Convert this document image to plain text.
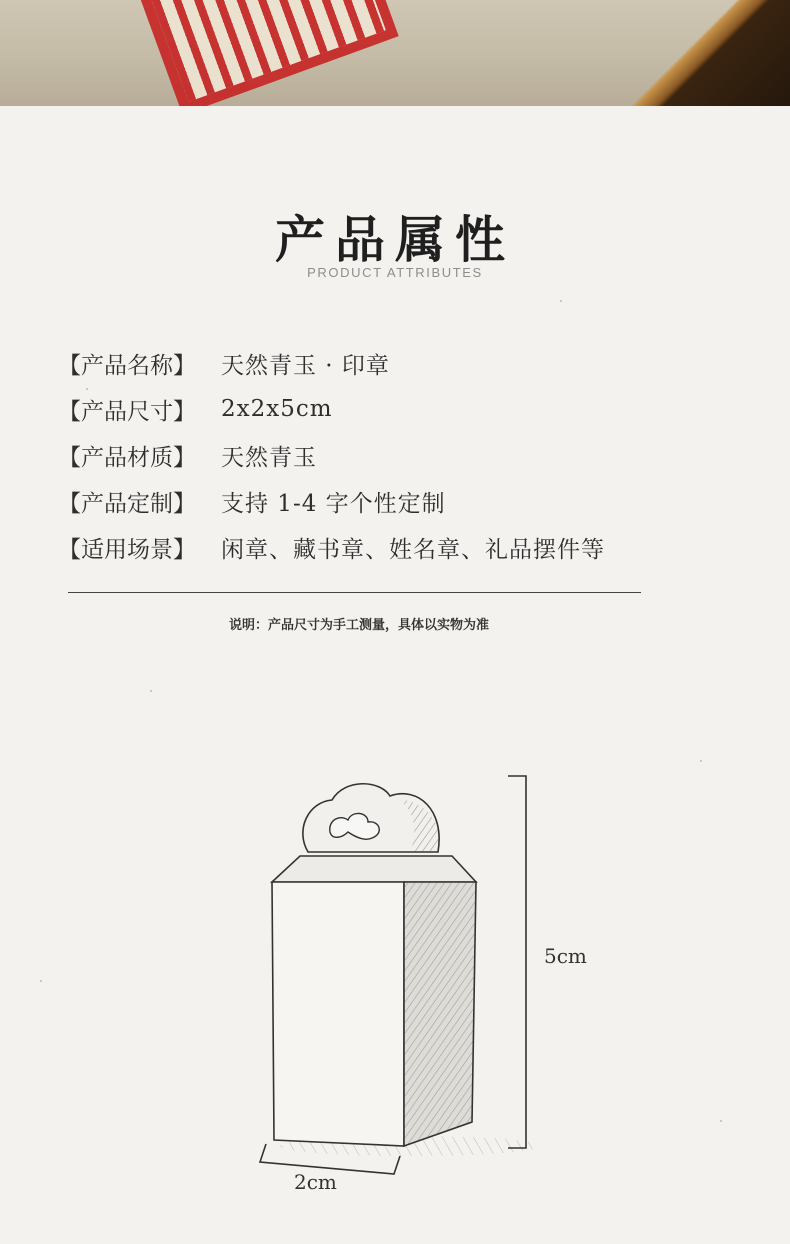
产品属性
PRODUCT ATTRIBUTES
【产品名称】	天然青玉 · 印章
【产品尺寸】	2x2x5cm
【产品材质】	天然青玉
【产品定制】	支持 1-4 字个性定制
【适用场景】	闲章、藏书章、姓名章、礼品摆件等
说明：产品尺寸为手工测量，具体以实物为准
5cm
2cm
